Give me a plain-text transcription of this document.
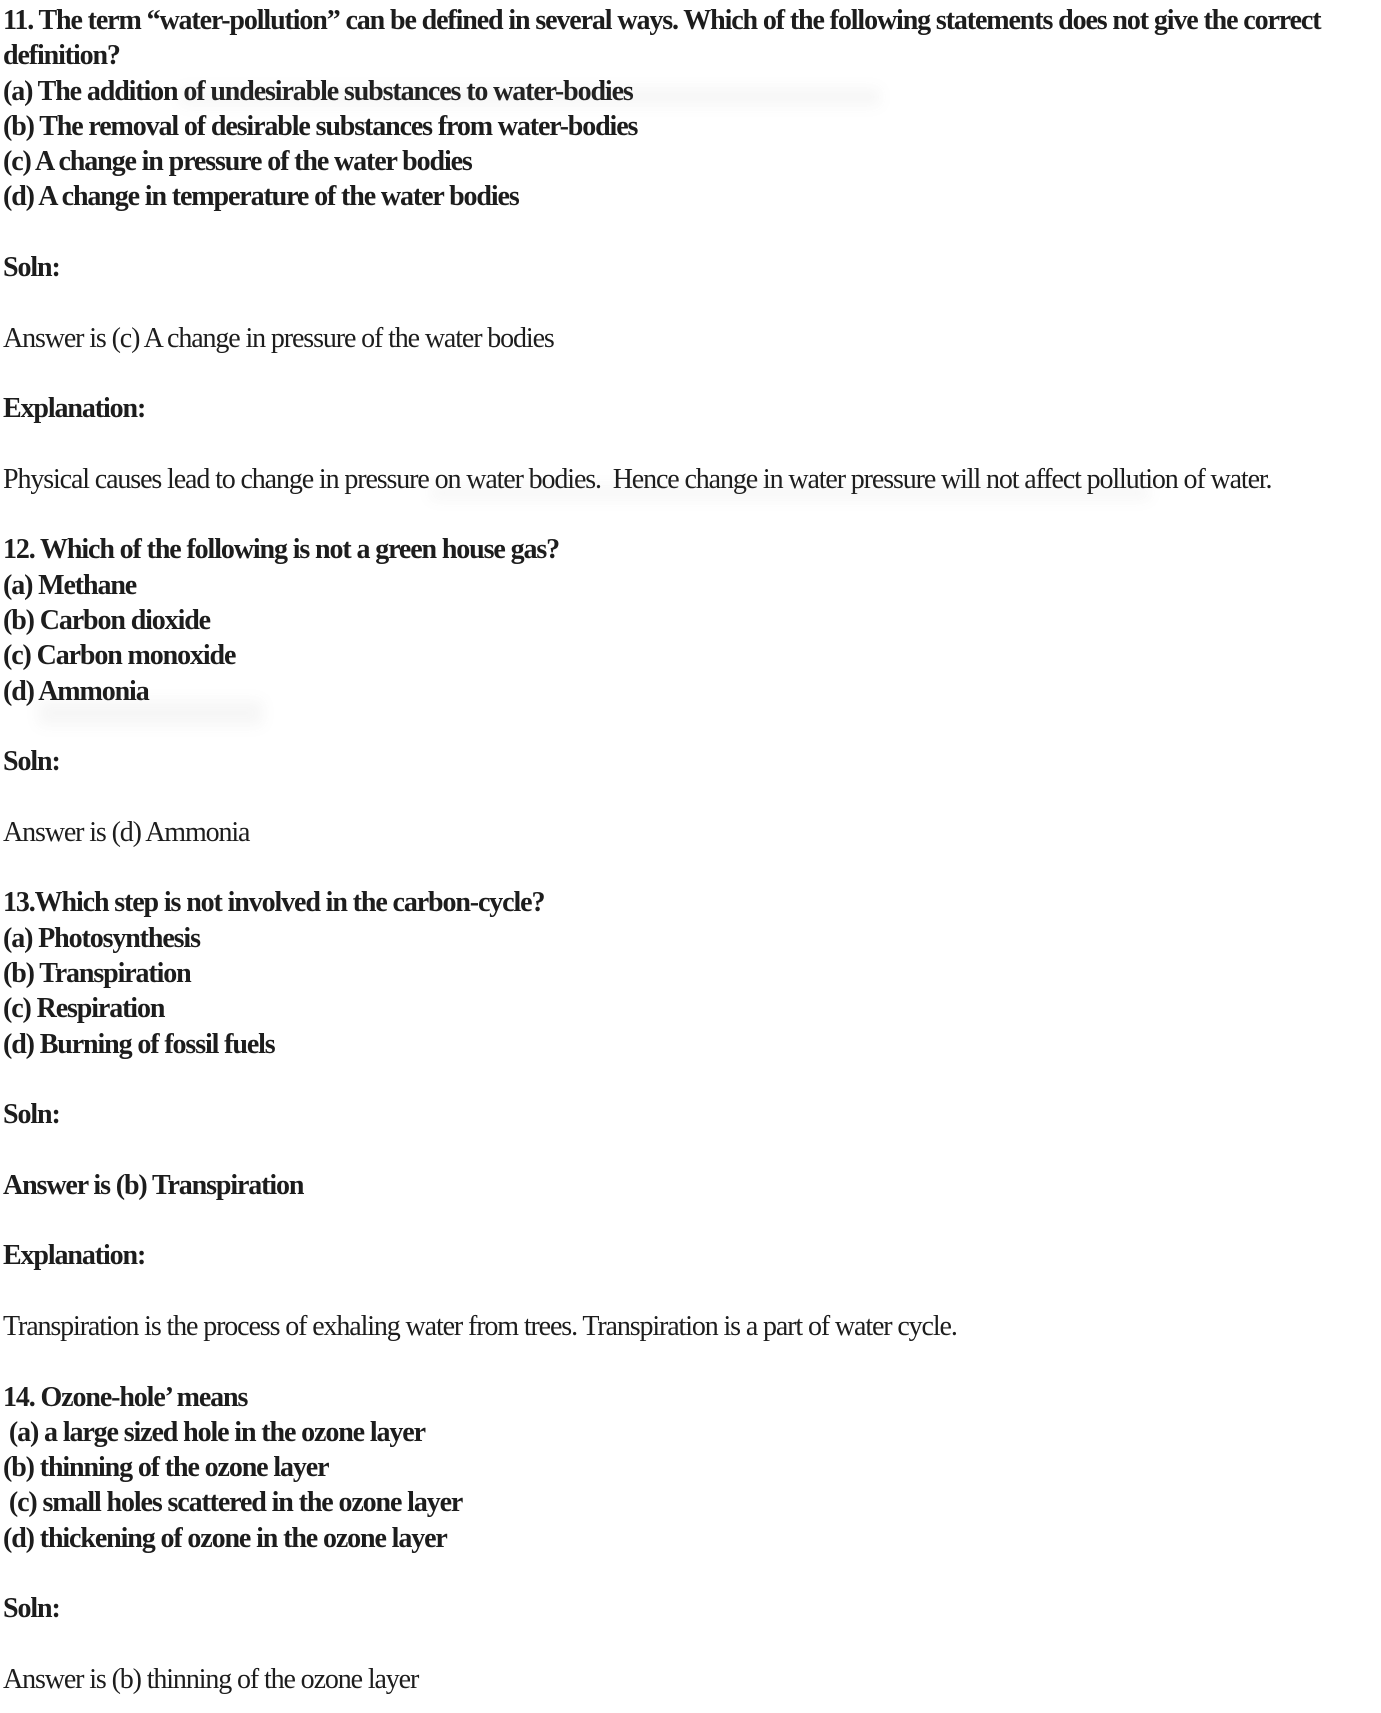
11. The term “water-pollution” can be defined in several ways. Which of the following statements does not give the correct definition?

(a) The addition of undesirable substances to water-bodies

(b) The removal of desirable substances from water-bodies

(c) A change in pressure of the water bodies

(d) A change in temperature of the water bodies

Soln:

Answer is (c) A change in pressure of the water bodies

Explanation:

Physical causes lead to change in pressure on water bodies.  Hence change in water pressure will not affect pollution of water.

12. Which of the following is not a green house gas?

(a) Methane

(b) Carbon dioxide

(c) Carbon monoxide

(d) Ammonia

Soln:

Answer is (d) Ammonia

13.Which step is not involved in the carbon-cycle?

(a) Photosynthesis

(b) Transpiration

(c) Respiration

(d) Burning of fossil fuels

Soln:

Answer is (b) Transpiration

Explanation:

Transpiration is the process of exhaling water from trees. Transpiration is a part of water cycle.

14. Ozone-hole’ means

(a) a large sized hole in the ozone layer

(b) thinning of the ozone layer

(c) small holes scattered in the ozone layer

(d) thickening of ozone in the ozone layer

Soln:

Answer is (b) thinning of the ozone layer
